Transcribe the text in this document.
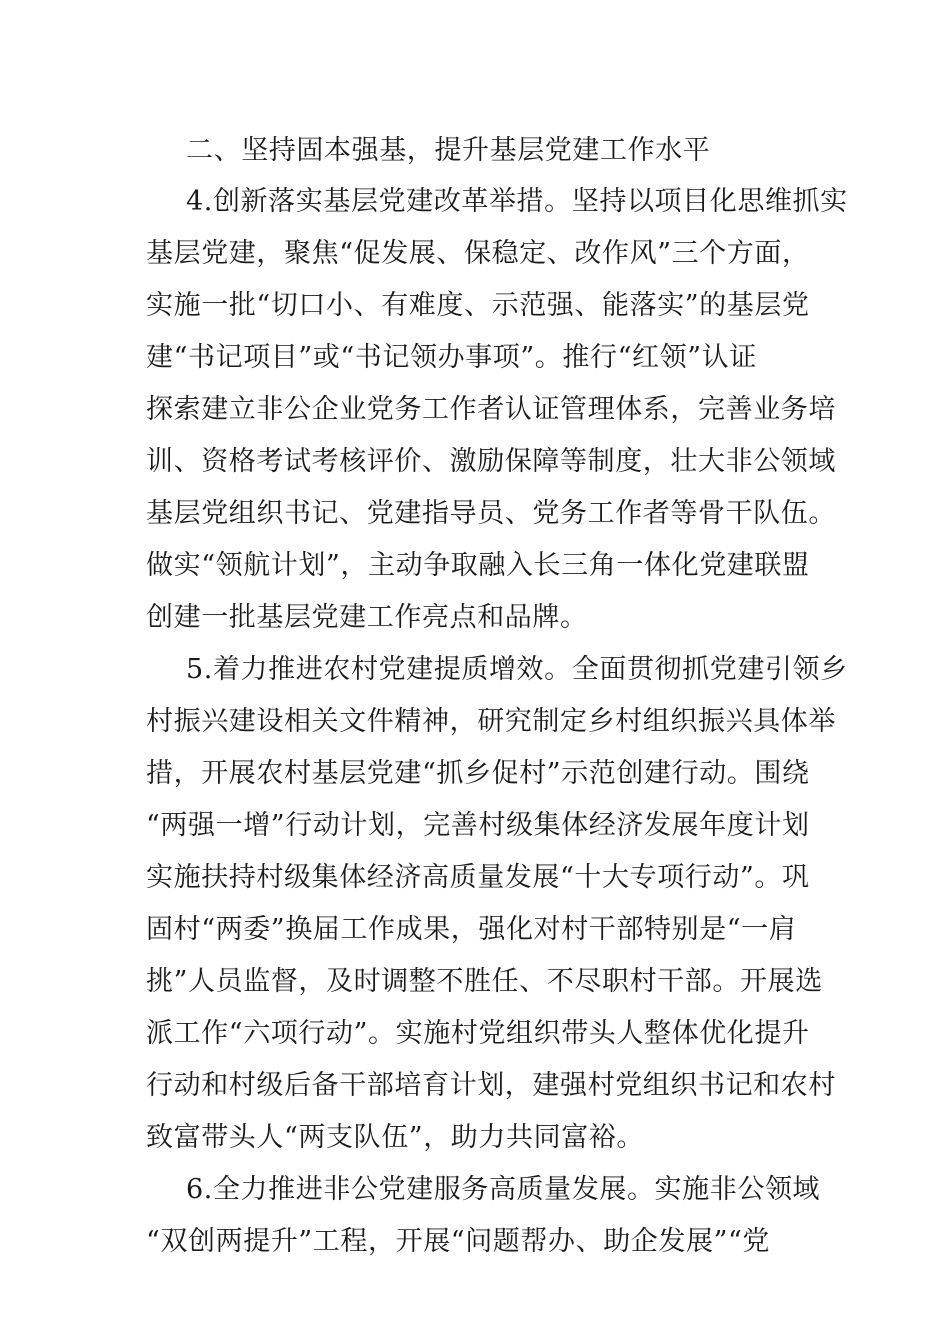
二、坚持固本强基，提升基层党建工作水平
4.创新落实基层党建改革举措。坚持以项目化思维抓实
基层党建，聚焦“促发展、保稳定、改作风”三个方面，
实施一批“切口小、有难度、示范强、能落实”的基层党
建“书记项目”或“书记领办事项”。推行“红领”认证
探索建立非公企业党务工作者认证管理体系，完善业务培
训、资格考试考核评价、激励保障等制度，壮大非公领域
基层党组织书记、党建指导员、党务工作者等骨干队伍。
做实“领航计划”，主动争取融入长三角一体化党建联盟
创建一批基层党建工作亮点和品牌。
5.着力推进农村党建提质增效。全面贯彻抓党建引领乡
村振兴建设相关文件精神，研究制定乡村组织振兴具体举
措，开展农村基层党建“抓乡促村”示范创建行动。围绕
“两强一增”行动计划，完善村级集体经济发展年度计划
实施扶持村级集体经济高质量发展“十大专项行动”。巩
固村“两委”换届工作成果，强化对村干部特别是“一肩
挑”人员监督，及时调整不胜任、不尽职村干部。开展选
派工作“六项行动”。实施村党组织带头人整体优化提升
行动和村级后备干部培育计划，建强村党组织书记和农村
致富带头人“两支队伍”，助力共同富裕。
6.全力推进非公党建服务高质量发展。实施非公领域
“双创两提升”工程，开展“问题帮办、助企发展”“党
